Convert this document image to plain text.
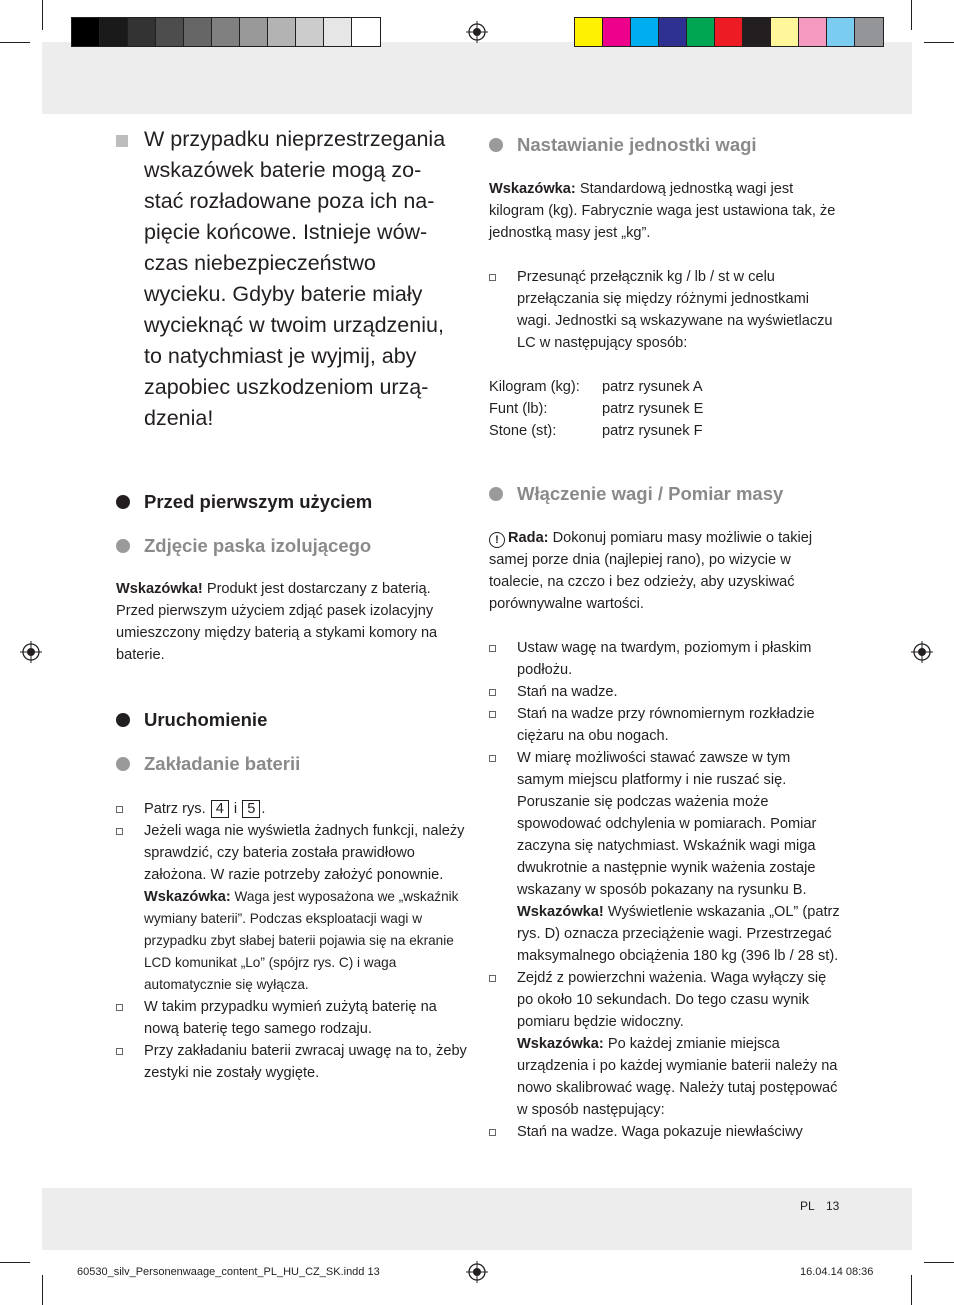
W przypadku nieprzestrzegania
wskazówek baterie mogą zo-
stać rozładowane poza ich na-
pięcie końcowe. Istnieje wów-
czas niebezpieczeństwo
wycieku. Gdyby baterie miały
wycieknąć w twoim urządzeniu,
to natychmiast je wyjmij, aby
zapobiec uszkodzeniom urzą-
dzenia!
Przed pierwszym użyciem
Zdjęcie paska izolującego

Wskazówka! Produkt jest dostarczany z baterią. Przed pierwszym użyciem zdjąć pasek izolacyjny umieszczony między baterią a stykami komory na baterie.

Uruchomienie
Zakładanie baterii
Patrz rys. 4 i 5 .
Jeżeli waga nie wyświetla żadnych funkcji, należy sprawdzić, czy bateria została prawidłowo założona. W razie potrzeby założyć ponownie.
Wskazówka: Waga jest wyposażona we „wskaźnik wymiany baterii”. Podczas eksploatacji wagi w przypadku zbyt słabej baterii pojawia się na ekranie LCD komunikat „Lo” (spójrz rys. C) i waga automatycznie się wyłącza.
W takim przypadku wymień zużytą baterię na nową baterię tego samego rodzaju.
Przy zakładaniu baterii zwracaj uwagę na to, żeby zestyki nie zostały wygięte.
Nastawianie jednostki wagi

Wskazówka: Standardową jednostką wagi jest kilogram (kg). Fabrycznie waga jest ustawiona tak, że jednostką masy jest „kg”.

Przesunąć przełącznik kg / lb / st w celu przełączania się między różnymi jednostkami wagi. Jednostki są wskazywane na wyświetlaczu LC w następujący sposób:
Kilogram (kg):	patrz rysunek A
Funt (lb):	patrz rysunek E
Stone (st):	patrz rysunek F
Włączenie wagi / Pomiar masy

! Rada: Dokonuj pomiaru masy możliwie o takiej samej porze dnia (najlepiej rano), po wizycie w toalecie, na czczo i bez odzieży, aby uzyskiwać porównywalne wartości.

Ustaw wagę na twardym, poziomym i płaskim podłożu.
Stań na wadze.
Stań na wadze przy równomiernym rozkładzie ciężaru na obu nogach.
W miarę możliwości stawać zawsze w tym samym miejscu platformy i nie ruszać się. Poruszanie się podczas ważenia może spowodować odchylenia w pomiarach. Pomiar zaczyna się natychmiast. Wskaźnik wagi miga dwukrotnie a następnie wynik ważenia zostaje wskazany w sposób pokazany na rysunku B.
Wskazówka! Wyświetlenie wskazania „OL” (patrz rys. D) oznacza przeciążenie wagi. Przestrzegać maksymalnego obciążenia 180 kg (396 lb / 28 st).
Zejdź z powierzchni ważenia. Waga wyłączy się po około 10 sekundach. Do tego czasu wynik pomiaru będzie widoczny.
Wskazówka: Po każdej zmianie miejsca urządzenia i po każdej wymianie baterii należy na nowo skalibrować wagę. Należy tutaj postępować w sposób następujący:
Stań na wadze. Waga pokazuje niewłaściwy
PL 13
60530_silv_Personenwaage_content_PL_HU_CZ_SK.indd 13	16.04.14 08:36
